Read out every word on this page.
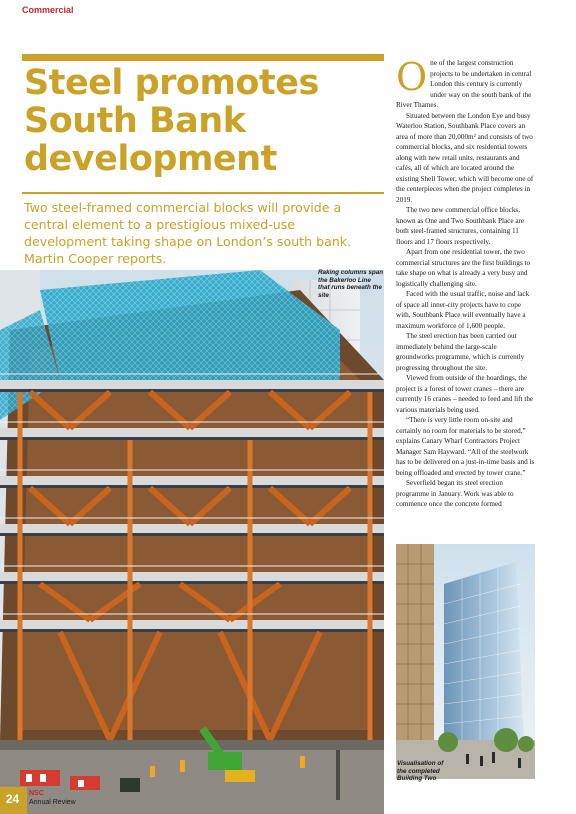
Commercial
Steel promotes South Bank development

Two steel-framed commercial blocks will provide a central element to a prestigious mixed-use development taking shape on London’s south bank. Martin Cooper reports.

Raking columns span the Bakerloo Line that runs beneath the site

One of the largest construction projects to be undertaken in central London this century is currently under way on the south bank of the River Thames.

Situated between the London Eye and busy Waterloo Station, Southbank Place covers an area of more than 20,000m² and consists of two commercial blocks, and six residential towers along with new retail units, restaurants and cafés, all of which are located around the existing Shell Tower, which will become one of the centerpieces when the project completes in 2019.

The two new commercial office blocks, known as One and Two Southbank Place are both steel-framed structures, containing 11 floors and 17 floors respectively.

Apart from one residential tower, the two commercial structures are the first buildings to take shape on what is already a very busy and logistically challenging site.

Faced with the usual traffic, noise and lack of space all inner-city projects have to cope with, Southbank Place will eventually have a maximum workforce of 1,600 people.

The steel erection has been carried out immediately behind the large-scale groundworks programme, which is currently progressing throughout the site.

Viewed from outside of the hoardings, the project is a forest of tower cranes – there are currently 16 cranes – needed to feed and lift the various materials being used.

“There is very little room on-site and certainly no room for materials to be stored,” explains Canary Wharf Contractors Project Manager Sam Hayward. “All of the steelwork has to be delivered on a just-in-time basis and is being offloaded and erected by tower crane.”

Severfield began its steel erection programme in January. Work was able to commence once the concrete formed

Visualisation of the completed Building Two
24	NSC
Annual Review
